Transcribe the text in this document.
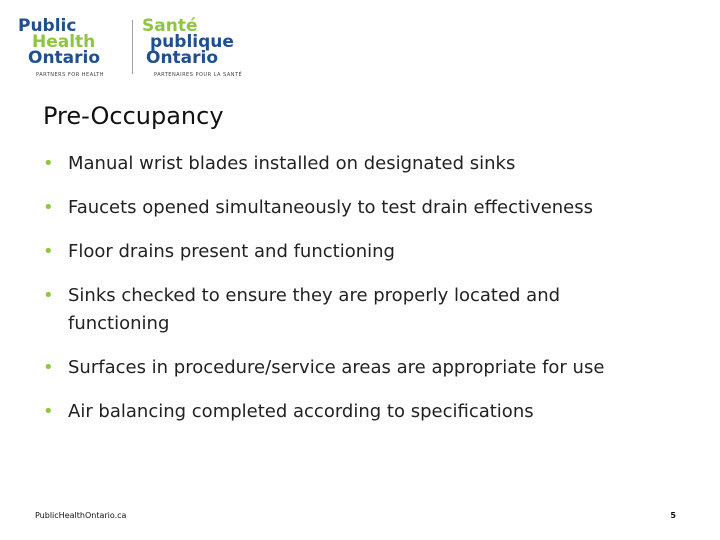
Public
Health
Ontario
PARTNERS FOR HEALTH
Santé
publique
Ontario
PARTENAIRES POUR LA SANTÉ
Pre-Occupancy
• Manual wrist blades installed on designated sinks
• Faucets opened simultaneously to test drain effectiveness
• Floor drains present and functioning
• Sinks checked to ensure they are properly located and functioning
• Surfaces in procedure/service areas are appropriate for use
• Air balancing completed according to specifications
PublicHealthOntario.ca	5
